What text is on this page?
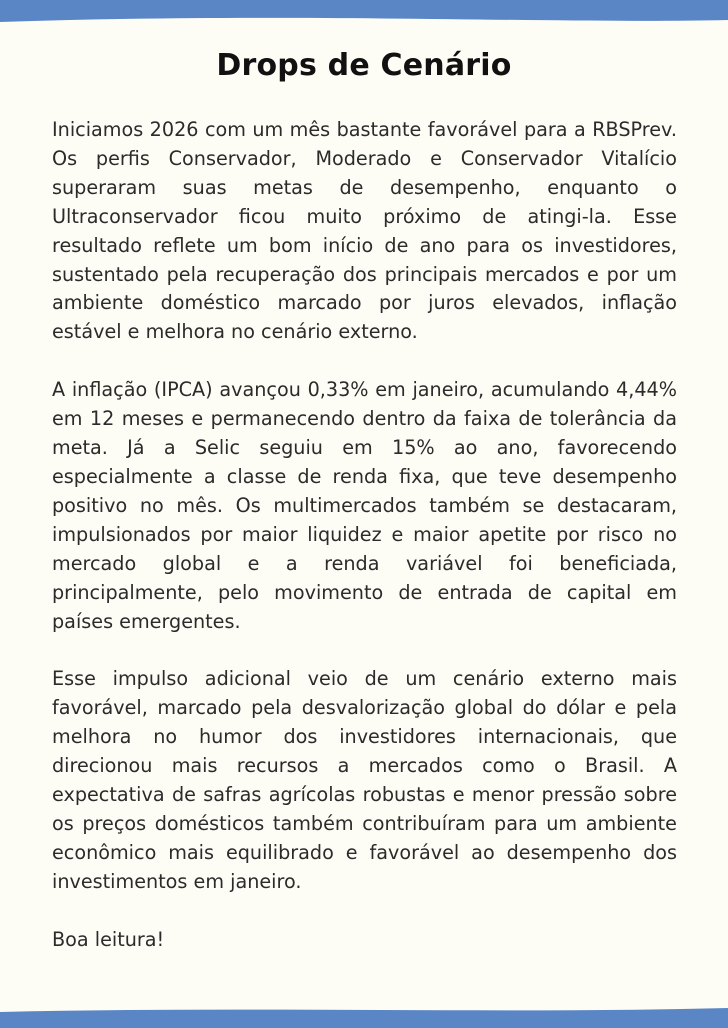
Drops de Cenário

Iniciamos 2026 com um mês bastante favorável para a RBSPrev. Os perfis Conservador, Moderado e Conservador Vitalício superaram suas metas de desempenho, enquanto o Ultraconservador ficou muito próximo de atingi-la. Esse resultado reflete um bom início de ano para os investidores, sustentado pela recuperação dos principais mercados e por um ambiente doméstico marcado por juros elevados, inflação estável e melhora no cenário externo.

A inflação (IPCA) avançou 0,33% em janeiro, acumulando 4,44% em 12 meses e permanecendo dentro da faixa de tolerância da meta. Já a Selic seguiu em 15% ao ano, favorecendo especialmente a classe de renda fixa, que teve desempenho positivo no mês. Os multimercados também se destacaram, impulsionados por maior liquidez e maior apetite por risco no mercado global e a renda variável foi beneficiada, principalmente, pelo movimento de entrada de capital em países emergentes.

Esse impulso adicional veio de um cenário externo mais favorável, marcado pela desvalorização global do dólar e pela melhora no humor dos investidores internacionais, que direcionou mais recursos a mercados como o Brasil. A expectativa de safras agrícolas robustas e menor pressão sobre os preços domésticos também contribuíram para um ambiente econômico mais equilibrado e favorável ao desempenho dos investimentos em janeiro.

Boa leitura!
